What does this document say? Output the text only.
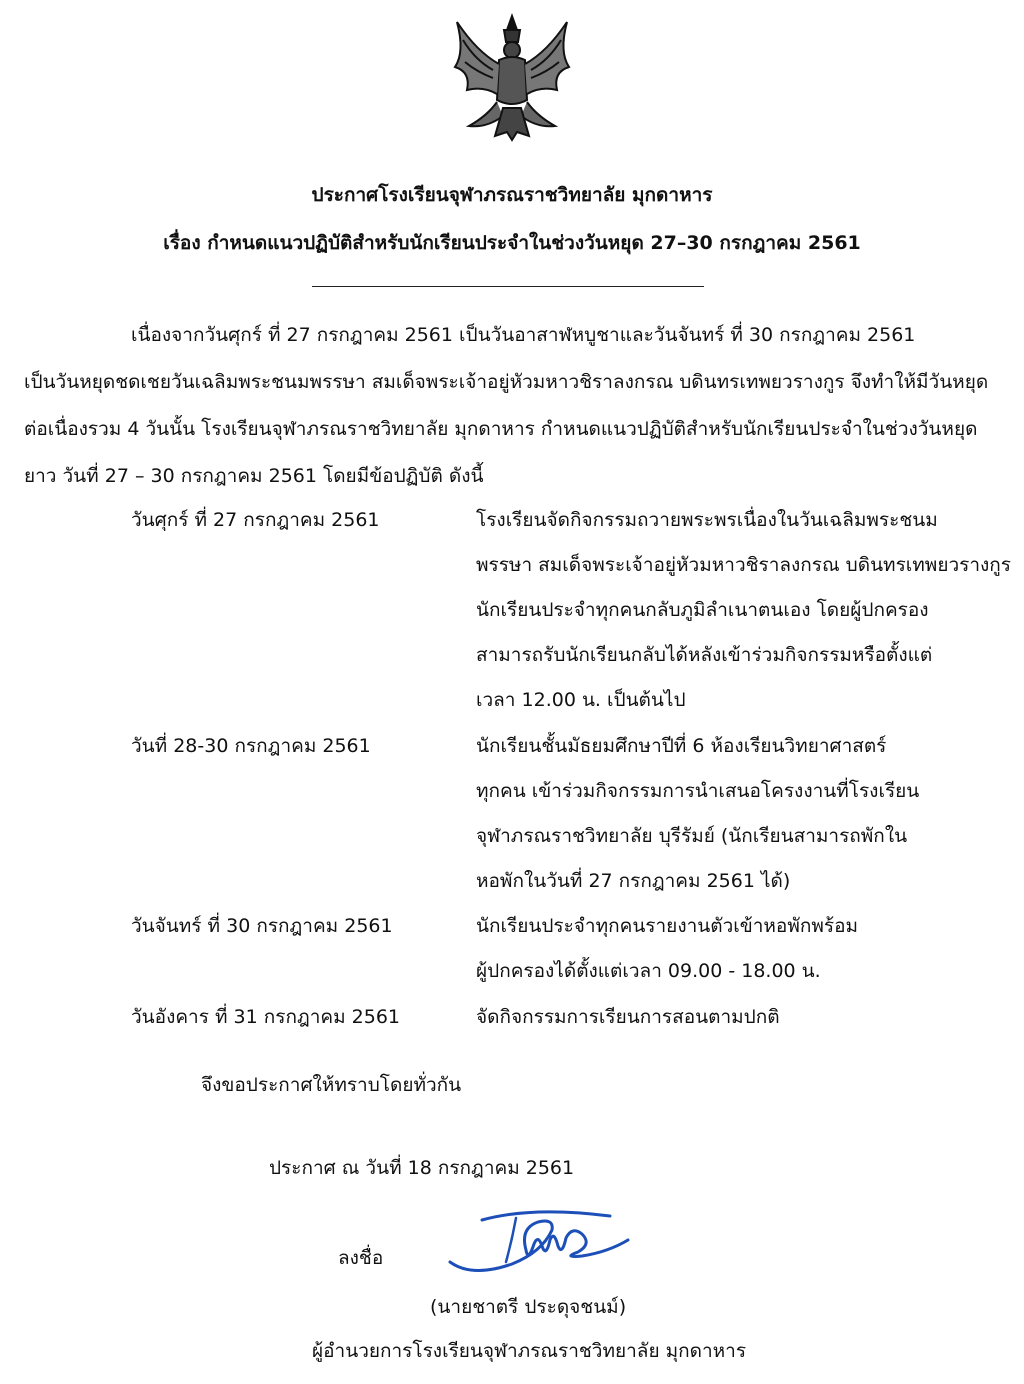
ประกาศโรงเรียนจุฬาภรณราชวิทยาลัย มุกดาหาร
เรื่อง กำหนดแนวปฏิบัติสำหรับนักเรียนประจำในช่วงวันหยุด 27–30 กรกฎาคม 2561
เนื่องจากวันศุกร์ ที่ 27 กรกฎาคม 2561 เป็นวันอาสาฬหบูชาและวันจันทร์ ที่ 30 กรกฎาคม 2561
เป็นวันหยุดชดเชยวันเฉลิมพระชนมพรรษา สมเด็จพระเจ้าอยู่หัวมหาวชิราลงกรณ บดินทรเทพยวรางกูร จึงทำให้มีวันหยุด
ต่อเนื่องรวม 4 วันนั้น โรงเรียนจุฬาภรณราชวิทยาลัย มุกดาหาร กำหนดแนวปฏิบัติสำหรับนักเรียนประจำในช่วงวันหยุด
ยาว วันที่ 27 – 30 กรกฎาคม 2561 โดยมีข้อปฏิบัติ ดังนี้
วันศุกร์ ที่ 27 กรกฎาคม 2561	โรงเรียนจัดกิจกรรมถวายพระพรเนื่องในวันเฉลิมพระชนม
พรรษา สมเด็จพระเจ้าอยู่หัวมหาวชิราลงกรณ บดินทรเทพยวรางกูร
นักเรียนประจำทุกคนกลับภูมิลำเนาตนเอง โดยผู้ปกครอง
สามารถรับนักเรียนกลับได้หลังเข้าร่วมกิจกรรมหรือตั้งแต่
เวลา 12.00 น. เป็นต้นไป
วันที่ 28-30 กรกฎาคม 2561	นักเรียนชั้นมัธยมศึกษาปีที่ 6 ห้องเรียนวิทยาศาสตร์
ทุกคน เข้าร่วมกิจกรรมการนำเสนอโครงงานที่โรงเรียน
จุฬาภรณราชวิทยาลัย บุรีรัมย์ (นักเรียนสามารถพักใน
หอพักในวันที่ 27 กรกฎาคม 2561 ได้)
วันจันทร์ ที่ 30 กรกฎาคม 2561	นักเรียนประจำทุกคนรายงานตัวเข้าหอพักพร้อม
ผู้ปกครองได้ตั้งแต่เวลา 09.00 - 18.00 น.
วันอังคาร ที่ 31 กรกฎาคม 2561	จัดกิจกรรมการเรียนการสอนตามปกติ
จึงขอประกาศให้ทราบโดยทั่วกัน
ประกาศ ณ วันที่ 18 กรกฎาคม 2561
ลงชื่อ
(นายชาตรี ประดุจชนม์)
ผู้อำนวยการโรงเรียนจุฬาภรณราชวิทยาลัย มุกดาหาร
